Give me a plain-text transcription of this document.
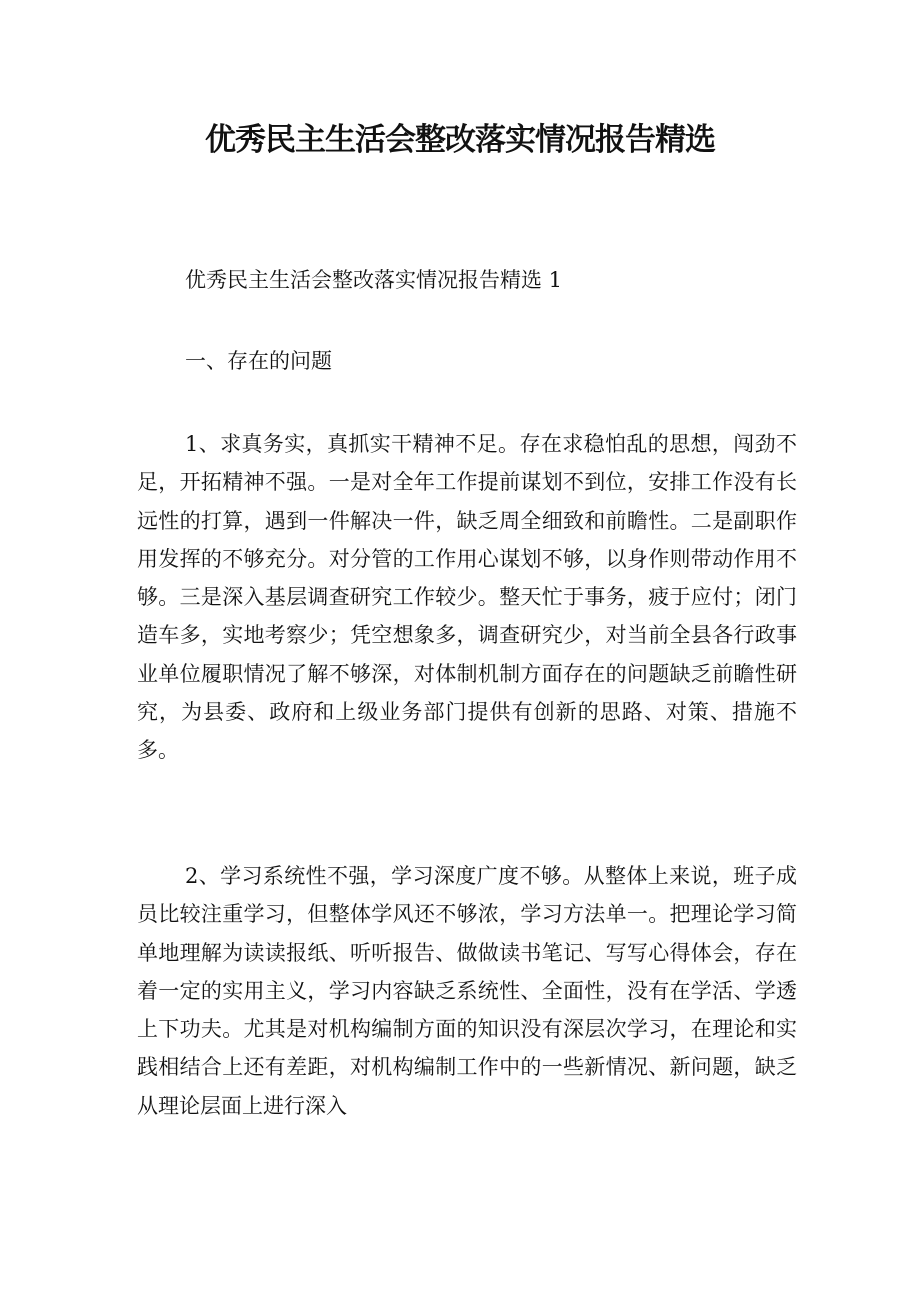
优秀民主生活会整改落实情况报告精选
优秀民主生活会整改落实情况报告精选 1
一、存在的问题
1、求真务实，真抓实干精神不足。存在求稳怕乱的思想，闯劲不足，开拓精神不强。一是对全年工作提前谋划不到位，安排工作没有长远性的打算，遇到一件解决一件，缺乏周全细致和前瞻性。二是副职作用发挥的不够充分。对分管的工作用心谋划不够，以身作则带动作用不够。三是深入基层调查研究工作较少。整天忙于事务，疲于应付；闭门造车多，实地考察少；凭空想象多，调查研究少，对当前全县各行政事业单位履职情况了解不够深，对体制机制方面存在的问题缺乏前瞻性研究，为县委、政府和上级业务部门提供有创新的思路、对策、措施不多。
2、学习系统性不强，学习深度广度不够。从整体上来说，班子成员比较注重学习，但整体学风还不够浓，学习方法单一。把理论学习简单地理解为读读报纸、听听报告、做做读书笔记、写写心得体会，存在着一定的实用主义，学习内容缺乏系统性、全面性，没有在学活、学透上下功夫。尤其是对机构编制方面的知识没有深层次学习，在理论和实践相结合上还有差距，对机构编制工作中的一些新情况、新问题，缺乏从理论层面上进行深入
